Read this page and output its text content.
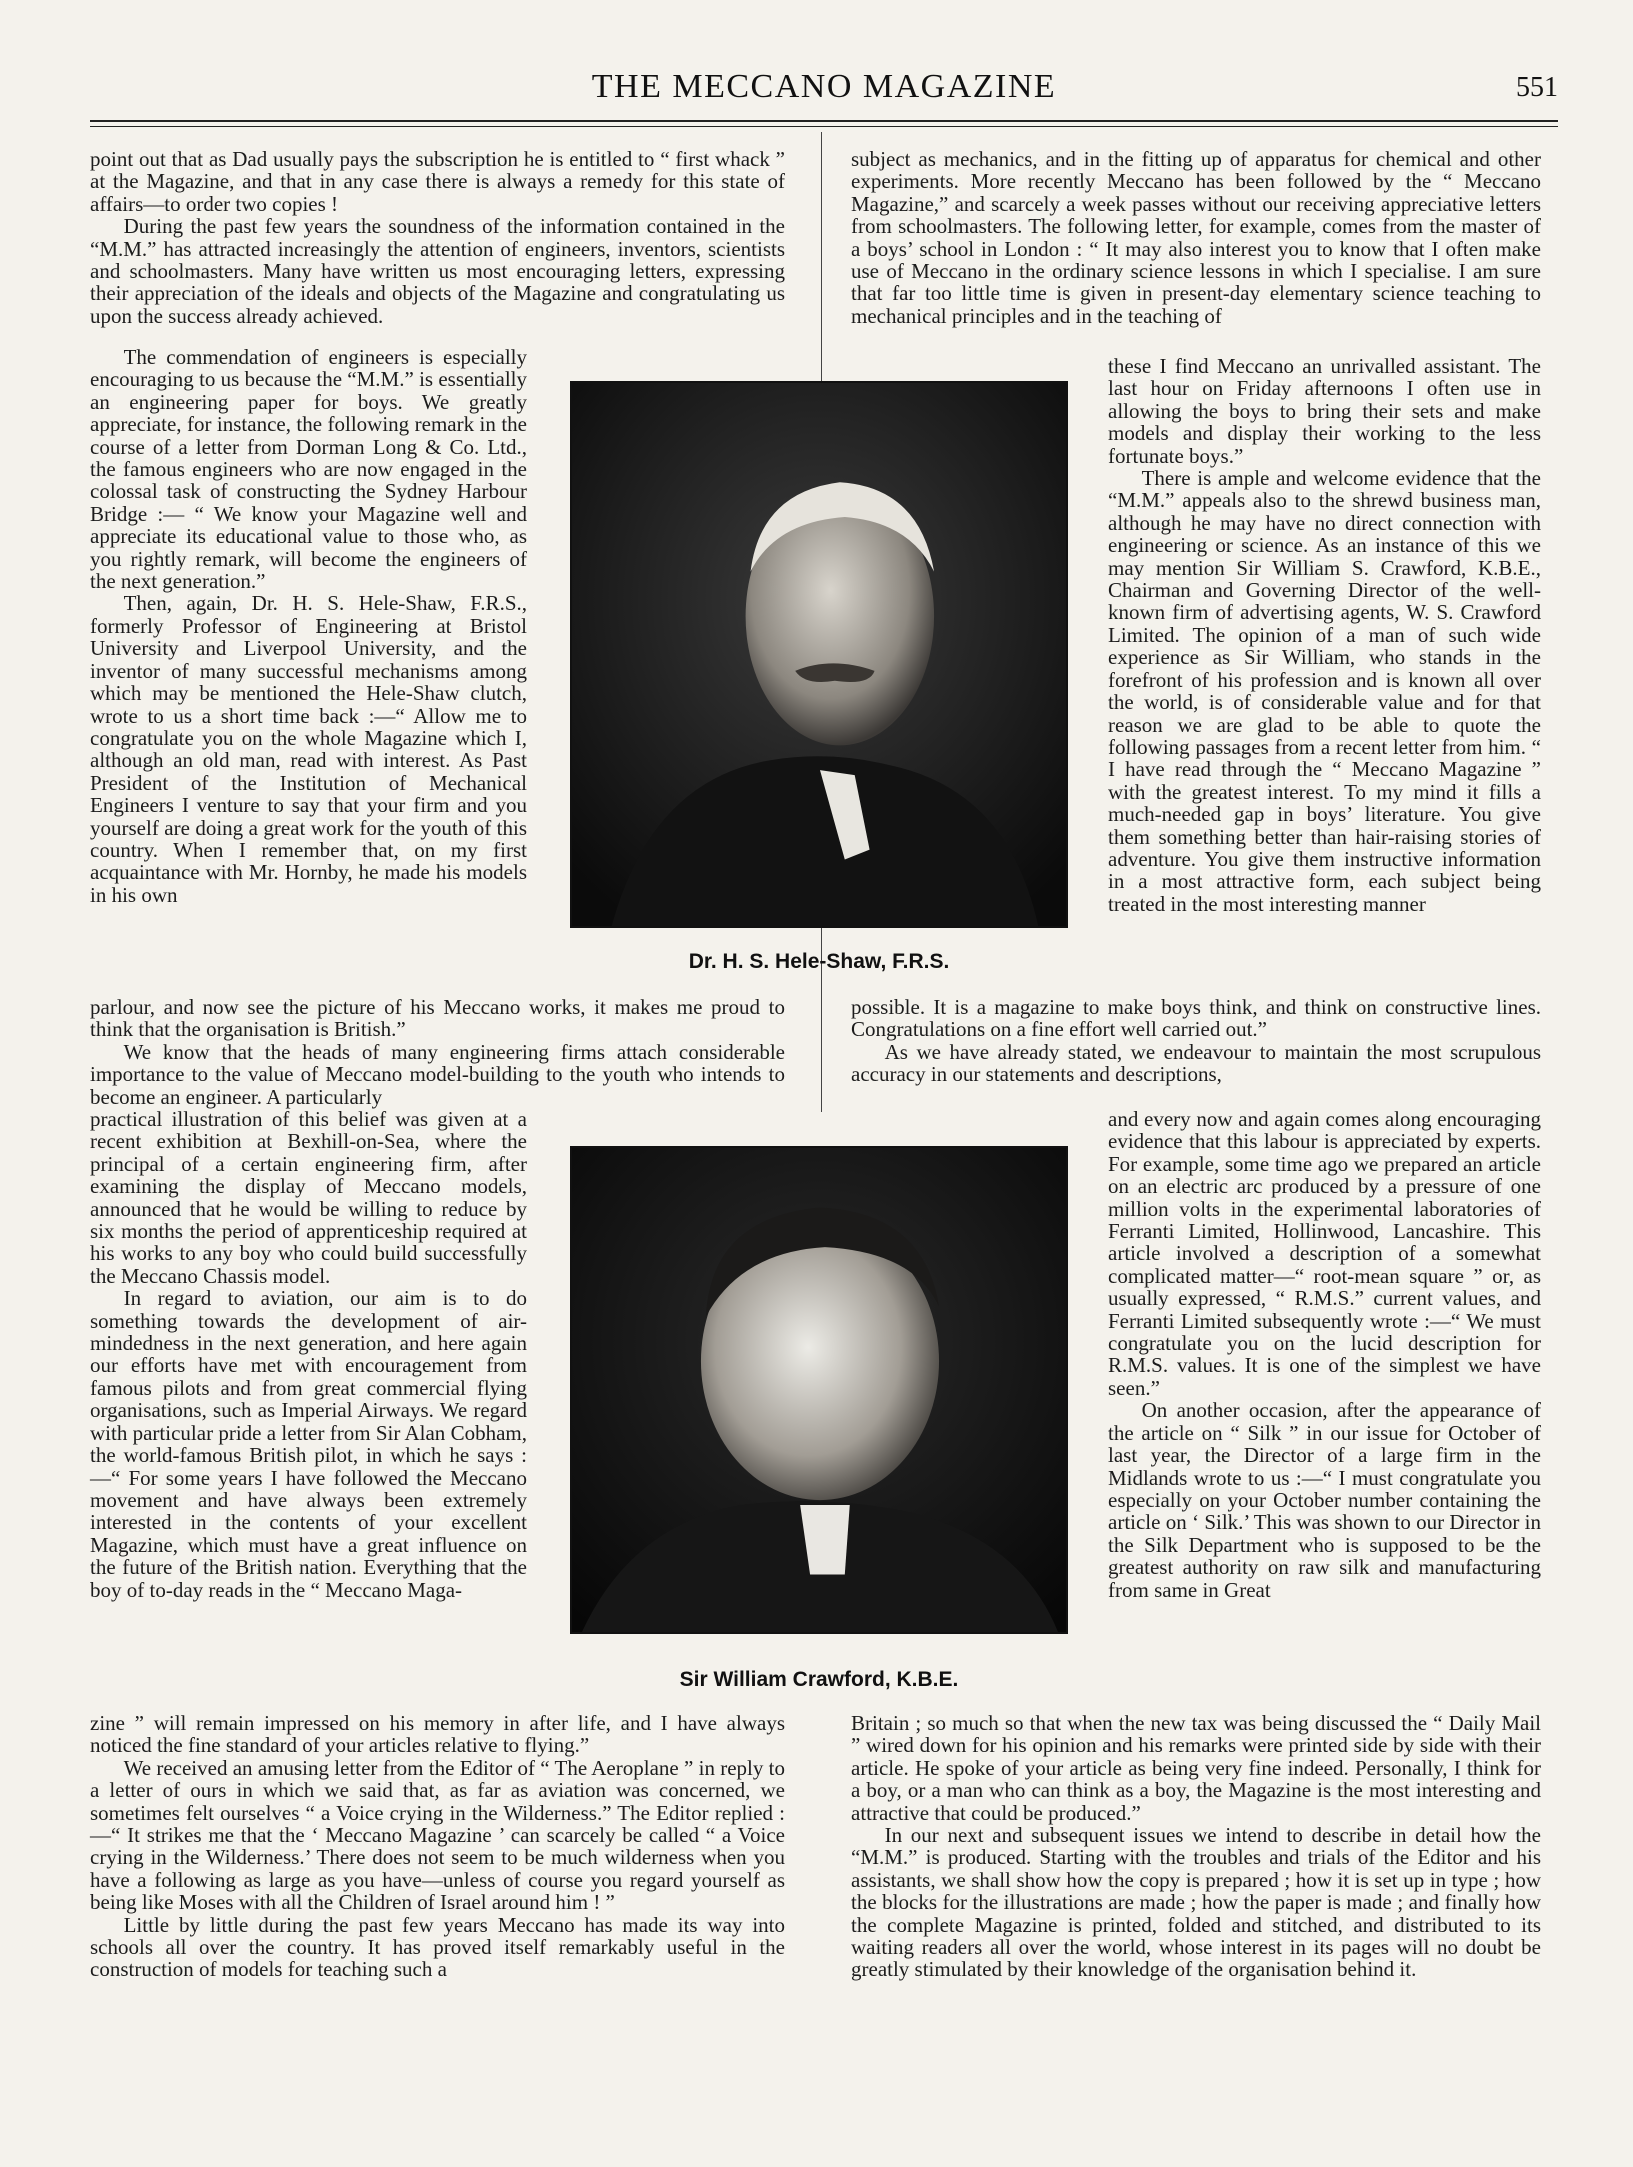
THE MECCANO MAGAZINE	551

point out that as Dad usually pays the subscription he is entitled to “ first whack ” at the Magazine, and that in any case there is always a remedy for this state of affairs—to order two copies !

During the past few years the soundness of the information contained in the “M.M.” has attracted increasingly the attention of engineers, inventors, scientists and schoolmasters. Many have written us most encouraging letters, expressing their appreciation of the ideals and objects of the Magazine and congratulating us upon the success already achieved.

The commendation of engineers is especially encouraging to us because the “M.M.” is essentially an engineering paper for boys. We greatly appreciate, for instance, the following remark in the course of a letter from Dorman Long & Co. Ltd., the famous engineers who are now engaged in the colossal task of constructing the Sydney Harbour Bridge :— “ We know your Magazine well and appreciate its educational value to those who, as you rightly remark, will become the engineers of the next generation.”

Then, again, Dr. H. S. Hele-Shaw, F.R.S., formerly Professor of Engineering at Bristol University and Liverpool University, and the inventor of many successful mechanisms among which may be mentioned the Hele-Shaw clutch, wrote to us a short time back :—“ Allow me to congratulate you on the whole Magazine which I, although an old man, read with interest. As Past President of the Institution of Mechanical Engineers I venture to say that your firm and you yourself are doing a great work for the youth of this country. When I remember that, on my first acquaintance with Mr. Hornby, he made his models in his own

parlour, and now see the picture of his Meccano works, it makes me proud to think that the organisation is British.”

We know that the heads of many engineering firms attach considerable importance to the value of Meccano model-building to the youth who intends to become an engineer. A particularly

practical illustration of this belief was given at a recent exhibition at Bexhill-on-Sea, where the principal of a certain engineering firm, after examining the display of Meccano models, announced that he would be willing to reduce by six months the period of apprenticeship required at his works to any boy who could build successfully the Meccano Chassis model.

In regard to aviation, our aim is to do something towards the development of air-mindedness in the next generation, and here again our efforts have met with encouragement from famous pilots and from great commercial flying organisations, such as Imperial Airways. We regard with particular pride a letter from Sir Alan Cobham, the world-famous British pilot, in which he says :—“ For some years I have followed the Meccano movement and have always been extremely interested in the contents of your excellent Magazine, which must have a great influence on the future of the British nation. Everything that the boy of to-day reads in the “ Meccano Maga-

zine ” will remain impressed on his memory in after life, and I have always noticed the fine standard of your articles relative to flying.”

We received an amusing letter from the Editor of “ The Aeroplane ” in reply to a letter of ours in which we said that, as far as aviation was concerned, we sometimes felt ourselves “ a Voice crying in the Wilderness.” The Editor replied :—“ It strikes me that the ‘ Meccano Magazine ’ can scarcely be called “ a Voice crying in the Wilderness.’ There does not seem to be much wilderness when you have a following as large as you have—unless of course you regard yourself as being like Moses with all the Children of Israel around him ! ”

Little by little during the past few years Meccano has made its way into schools all over the country. It has proved itself remarkably useful in the construction of models for teaching such a

Dr. H. S. Hele-Shaw, F.R.S.

subject as mechanics, and in the fitting up of apparatus for chemical and other experiments. More recently Meccano has been followed by the “ Meccano Magazine,” and scarcely a week passes without our receiving appreciative letters from schoolmasters. The following letter, for example, comes from the master of a boys’ school in London : “ It may also interest you to know that I often make use of Meccano in the ordinary science lessons in which I specialise. I am sure that far too little time is given in present-day elementary science teaching to mechanical principles and in the teaching of

these I find Meccano an unrivalled assistant. The last hour on Friday afternoons I often use in allowing the boys to bring their sets and make models and display their working to the less fortunate boys.”

There is ample and welcome evidence that the “M.M.” appeals also to the shrewd business man, although he may have no direct connection with engineering or science. As an instance of this we may mention Sir William S. Crawford, K.B.E., Chairman and Governing Director of the well-known firm of advertising agents, W. S. Crawford Limited. The opinion of a man of such wide experience as Sir William, who stands in the forefront of his profession and is known all over the world, is of considerable value and for that reason we are glad to be able to quote the following passages from a recent letter from him. “ I have read through the “ Meccano Magazine ” with the greatest interest. To my mind it fills a much-needed gap in boys’ literature. You give them something better than hair-raising stories of adventure. You give them instructive information in a most attractive form, each subject being treated in the most interesting manner

possible. It is a magazine to make boys think, and think on constructive lines. Congratulations on a fine effort well carried out.”

As we have already stated, we endeavour to maintain the most scrupulous accuracy in our statements and descriptions,

and every now and again comes along encouraging evidence that this labour is appreciated by experts. For example, some time ago we prepared an article on an electric arc produced by a pressure of one million volts in the experimental laboratories of Ferranti Limited, Hollinwood, Lancashire. This article involved a description of a somewhat complicated matter—“ root-mean square ” or, as usually expressed, “ R.M.S.” current values, and Ferranti Limited subsequently wrote :—“ We must congratulate you on the lucid description for R.M.S. values. It is one of the simplest we have seen.”

On another occasion, after the appearance of the article on “ Silk ” in our issue for October of last year, the Director of a large firm in the Midlands wrote to us :—“ I must congratulate you especially on your October number containing the article on ‘ Silk.’ This was shown to our Director in the Silk Department who is supposed to be the greatest authority on raw silk and manufacturing from same in Great

Britain ; so much so that when the new tax was being discussed the “ Daily Mail ” wired down for his opinion and his remarks were printed side by side with their article. He spoke of your article as being very fine indeed. Personally, I think for a boy, or a man who can think as a boy, the Magazine is the most interesting and attractive that could be produced.”

In our next and subsequent issues we intend to describe in detail how the “M.M.” is produced. Starting with the troubles and trials of the Editor and his assistants, we shall show how the copy is prepared ; how it is set up in type ; how the blocks for the illustrations are made ; how the paper is made ; and finally how the complete Magazine is printed, folded and stitched, and distributed to its waiting readers all over the world, whose interest in its pages will no doubt be greatly stimulated by their knowledge of the organisation behind it.

Sir William Crawford, K.B.E.
